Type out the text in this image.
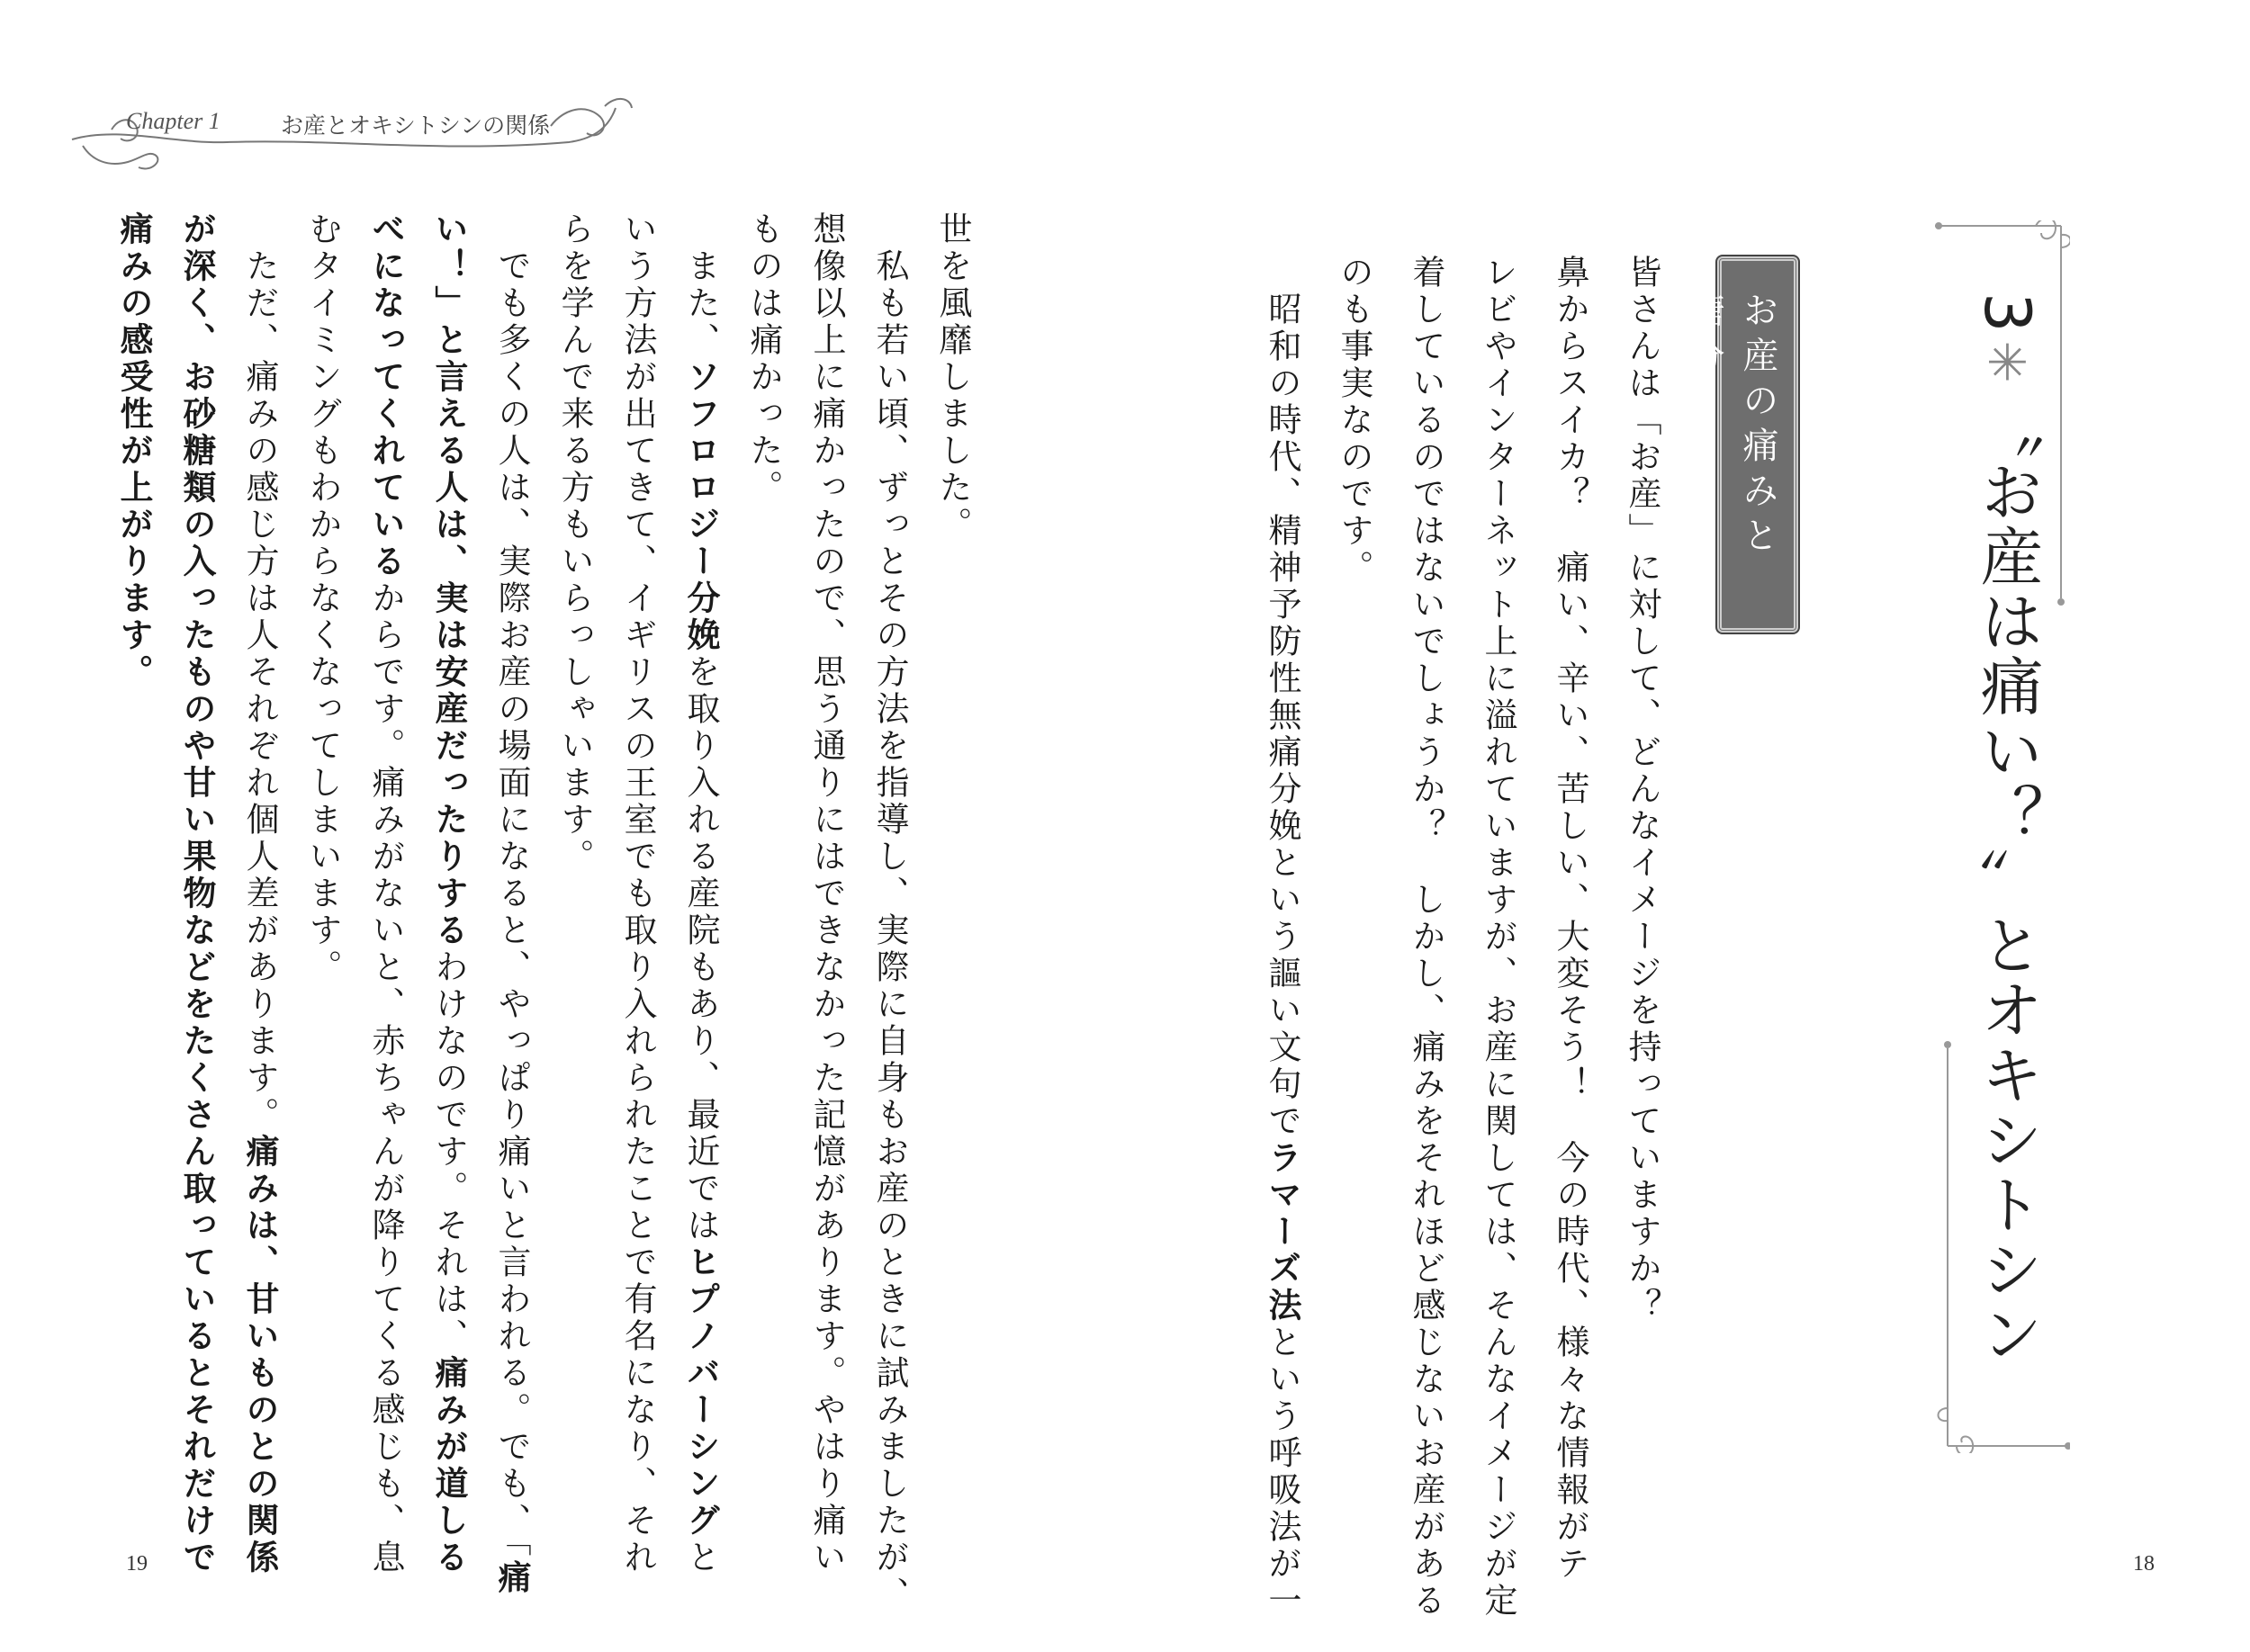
Chapter 1	お産とオキシトシンの関係
3✳〝お産は痛い？〟とオキシトシン
お産の痛みと糖分
皆さんは「お産」に対して、どんなイメージを持っていますか？
鼻からスイカ？　痛い、辛い、苦しい、大変そう！　今の時代、様々な情報がテ
レビやインターネット上に溢れていますが、お産に関しては、そんなイメージが定
着しているのではないでしょうか？　しかし、痛みをそれほど感じないお産がある
のも事実なのです。
　昭和の時代、精神予防性無痛分娩という謳い文句でラマーズ法という呼吸法が一
世を風靡しました。
　私も若い頃、ずっとその方法を指導し、実際に自身もお産のときに試みましたが、
想像以上に痛かったので、思う通りにはできなかった記憶があります。やはり痛い
ものは痛かった。
　また、ソフロロジー分娩を取り入れる産院もあり、最近ではヒプノバーシングと
いう方法が出てきて、イギリスの王室でも取り入れられたことで有名になり、それ
らを学んで来る方もいらっしゃいます。
　でも多くの人は、実際お産の場面になると、やっぱり痛いと言われる。でも、「痛
い！」と言える人は、実は安産だったりするわけなのです。それは、痛みが道しる
べになってくれているからです。痛みがないと、赤ちゃんが降りてくる感じも、息
むタイミングもわからなくなってしまいます。
　ただ、痛みの感じ方は人それぞれ個人差があります。痛みは、甘いものとの関係
が深く、お砂糖類の入ったものや甘い果物などをたくさん取っているとそれだけで
19	18
痛みの感受性が上がります。
